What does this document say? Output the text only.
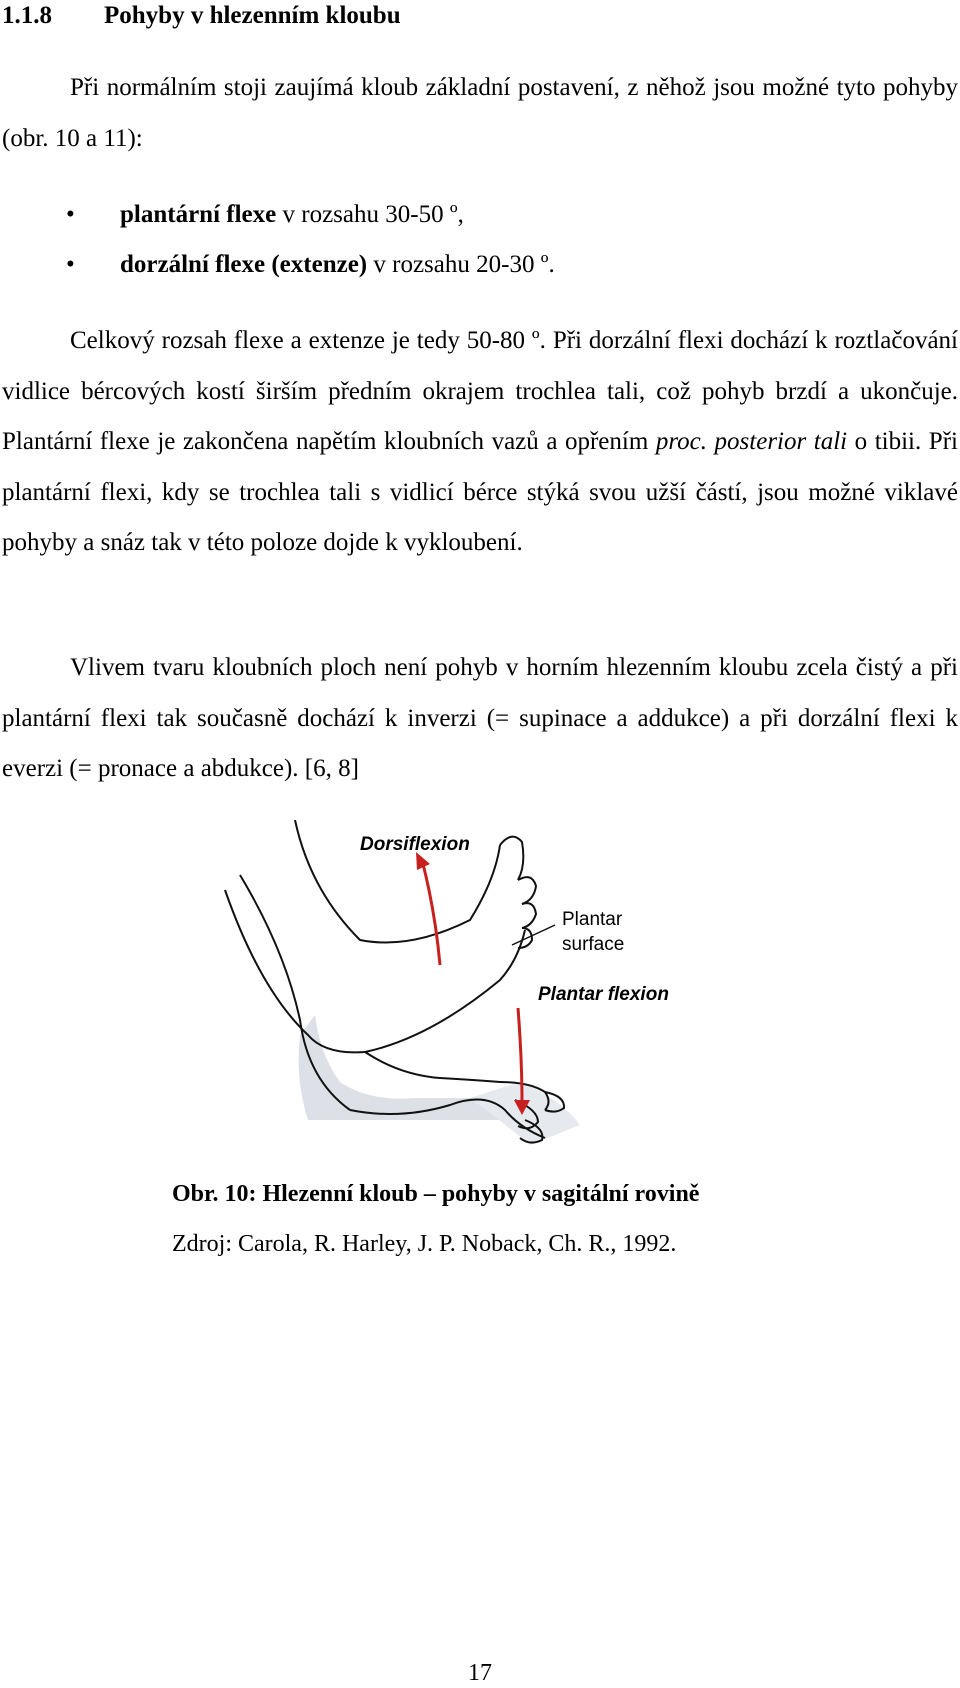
1.1.8 Pohyby v hlezenním kloubu

Při normálním stoji zaujímá kloub základní postavení, z něhož jsou možné tyto pohyby (obr. 10 a 11):

• plantární flexe v rozsahu 30-50 º,
• dorzální flexe (extenze) v rozsahu 20-30 º.

Celkový rozsah flexe a extenze je tedy 50-80 º. Při dorzální flexi dochází k roztlačování vidlice bércových kostí širším předním okrajem trochlea tali, což pohyb brzdí a ukončuje. Plantární flexe je zakončena napětím kloubních vazů a opřením proc. posterior tali o tibii. Při plantární flexi, kdy se trochlea tali s vidlicí bérce stýká svou užší částí, jsou možné viklavé pohyby a snáz tak v této poloze dojde k vykloubení.

Vlivem tvaru kloubních ploch není pohyb v horním hlezenním kloubu zcela čistý a při plantární flexi tak současně dochází k inverzi (= supinace a addukce) a při dorzální flexi k everzi (= pronace a abdukce). [6, 8]

Dorsiflexion
Plantar
surface
Plantar flexion
Obr. 10: Hlezenní kloub – pohyby v sagitální rovině
Zdroj: Carola, R. Harley, J. P. Noback, Ch. R., 1992.
17
